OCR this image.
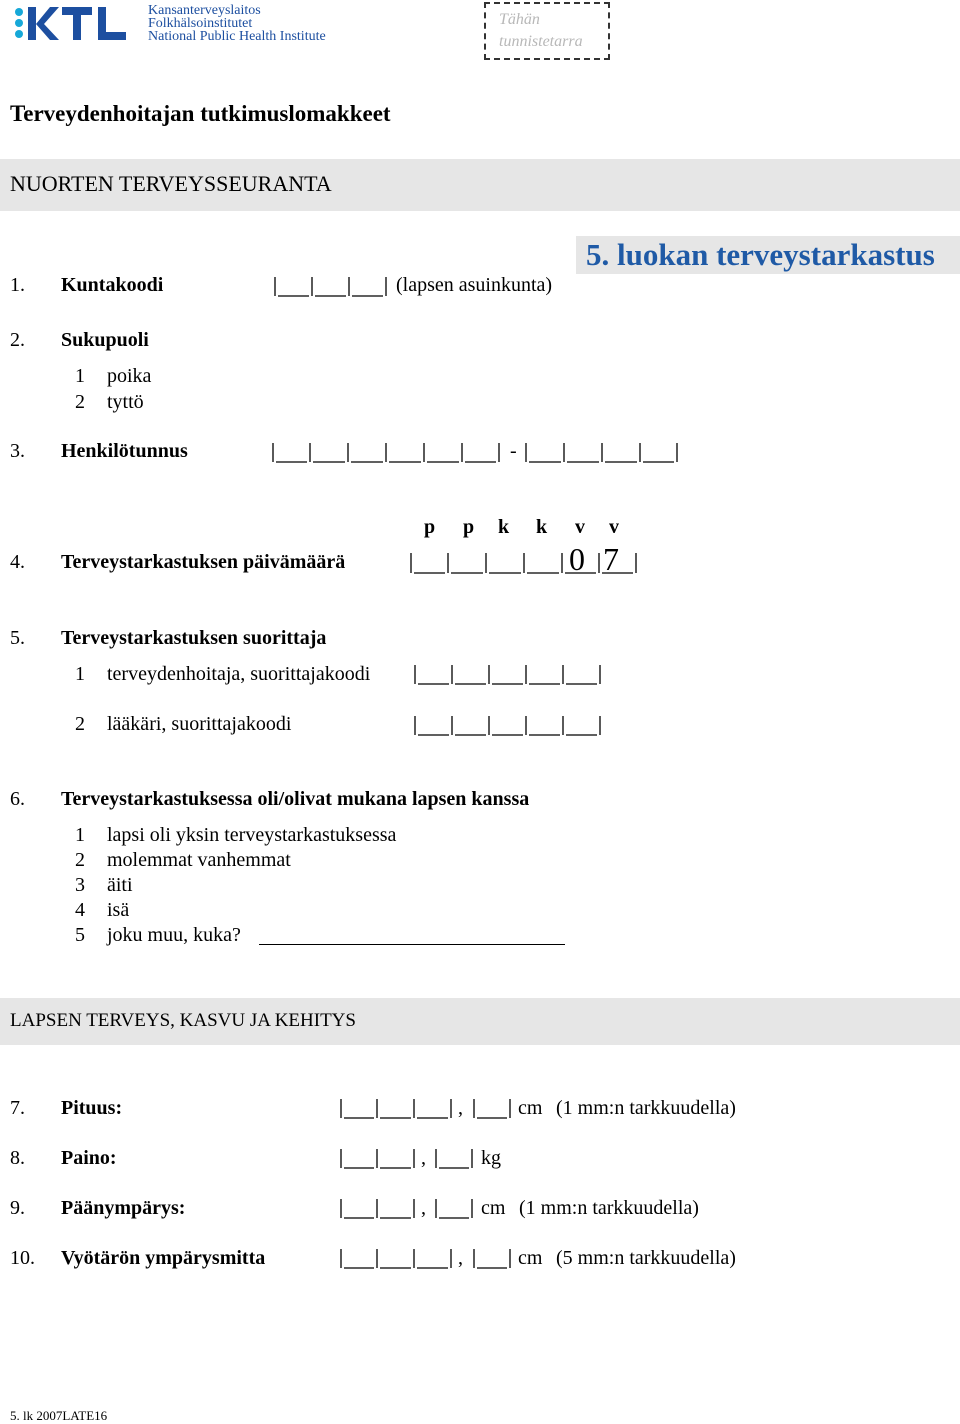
Kansanterveyslaitos
Folkhälsoinstitutet
National Public Health Institute
Tähän
tunnistetarra
Terveydenhoitajan tutkimuslomakkeet
NUORTEN TERVEYSSEURANTA
5. luokan terveystarkastus
1. Kuntakoodi	(lapsen asuinkunta)
2. Sukupuoli
1 poika
2 tyttö
3. Henkilötunnus	-
p p k k v v
4. Terveystarkastuksen päivämäärä	0 7
5. Terveystarkastuksen suorittaja
1 terveydenhoitaja, suorittajakoodi
2 lääkäri, suorittajakoodi
6. Terveystarkastuksessa oli/olivat mukana lapsen kanssa
1 lapsi oli yksin terveystarkastuksessa
2 molemmat vanhemmat
3 äiti
4 isä
5 joku muu, kuka?
LAPSEN TERVEYS, KASVU JA KEHITYS
7. Pituus:	,	cm (1 mm:n tarkkuudella)
8. Paino:	,	kg
9. Päänympärys:	,	cm (1 mm:n tarkkuudella)
10. Vyötärön ympärysmitta	,	cm (5 mm:n tarkkuudella)
5. lk 2007LATE16
